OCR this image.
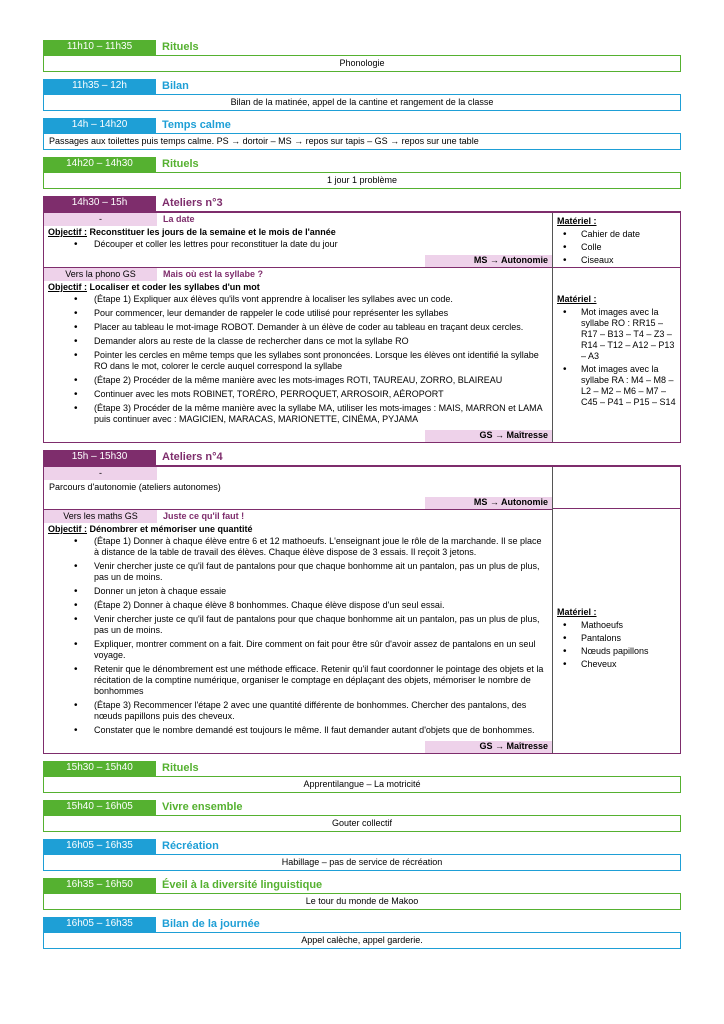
11h10 – 11h35	Rituels
Phonologie
11h35 – 12h	Bilan
Bilan de la matinée, appel de la cantine et rangement de la classe
14h – 14h20	Temps calme
Passages aux toilettes puis temps calme. PS → dortoir – MS → repos sur tapis – GS → repos sur une table
14h20 – 14h30	Rituels
1 jour 1 problème
14h30 – 15h	Ateliers n°3
-	La date
Objectif : Reconstituer les jours de la semaine et le mois de l'année
• Découper et coller les lettres pour reconstituer la date du jour
MS → Autonomie
Vers la phono GS	Mais où est la syllabe ?
Objectif : Localiser et coder les syllabes d'un mot
• (Étape 1) Expliquer aux élèves qu'ils vont apprendre à localiser les syllabes avec un code.
• Pour commencer, leur demander de rappeler le code utilisé pour représenter les syllabes
• Placer au tableau le mot-image ROBOT. Demander à un élève de coder au tableau en traçant deux cercles.
• Demander alors au reste de la classe de rechercher dans ce mot la syllabe RO
• Pointer les cercles en même temps que les syllabes sont prononcées. Lorsque les élèves ont identifié la syllabe RO dans le mot, colorer le cercle auquel correspond la syllabe
• (Étape 2) Procéder de la même manière avec les mots-images ROTI, TAUREAU, ZORRO, BLAIREAU
• Continuer avec les mots ROBINET, TORÉRO, PERROQUET, ARROSOIR, AÉROPORT
• (Étape 3) Procéder de la même manière avec la syllabe MA, utiliser les mots-images : MAIS, MARRON et LAMA puis continuer avec : MAGICIEN, MARACAS, MARIONETTE, CINÉMA, PYJAMA
GS → Maîtresse
Matériel :
• Cahier de date
• Colle
• Ciseaux
Matériel :
• Mot images avec la syllabe RO : RR15 – R17 – B13 – T4 – Z3 – R14 – T12 – A12 – P13 – A3
• Mot images avec la syllabe RA : M4 – M8 – L2 – M2 – M6 – M7 – C45 – P41 – P15 – S14
15h – 15h30	Ateliers n°4
-
Parcours d'autonomie (ateliers autonomes)
MS → Autonomie
Vers les maths GS	Juste ce qu'il faut !
Objectif : Dénombrer et mémoriser une quantité
• (Étape 1) Donner à chaque élève entre 6 et 12 mathoeufs. L'enseignant joue le rôle de la marchande. Il se place à distance de la table de travail des élèves. Chaque élève dispose de 3 essais. Il reçoit 3 jetons.
• Venir chercher juste ce qu'il faut de pantalons pour que chaque bonhomme ait un pantalon, pas un plus de plus, pas un de moins.
• Donner un jeton à chaque essaie
• (Étape 2) Donner à chaque élève 8 bonhommes. Chaque élève dispose d'un seul essai.
• Venir chercher juste ce qu'il faut de pantalons pour que chaque bonhomme ait un pantalon, pas un plus de plus, pas un de moins.
• Expliquer, montrer comment on a fait. Dire comment on fait pour être sûr d'avoir assez de pantalons en un seul voyage.
• Retenir que le dénombrement est une méthode efficace. Retenir qu'il faut coordonner le pointage des objets et la récitation de la comptine numérique, organiser le comptage en déplaçant des objets, mémoriser le nombre de bonhommes
• (Étape 3) Recommencer l'étape 2 avec une quantité différente de bonhommes. Chercher des pantalons, des nœuds papillons puis des cheveux.
• Constater que le nombre demandé est toujours le même. Il faut demander autant d'objets que de bonhommes.
GS → Maîtresse
Matériel :
• Mathoeufs
• Pantalons
• Nœuds papillons
• Cheveux
15h30 – 15h40	Rituels
Apprentilangue – La motricité
15h40 – 16h05	Vivre ensemble
Gouter collectif
16h05 – 16h35	Récréation
Habillage – pas de service de récréation
16h35 – 16h50	Éveil à la diversité linguistique
Le tour du monde de Makoo
16h05 – 16h35	Bilan de la journée
Appel calèche, appel garderie.
